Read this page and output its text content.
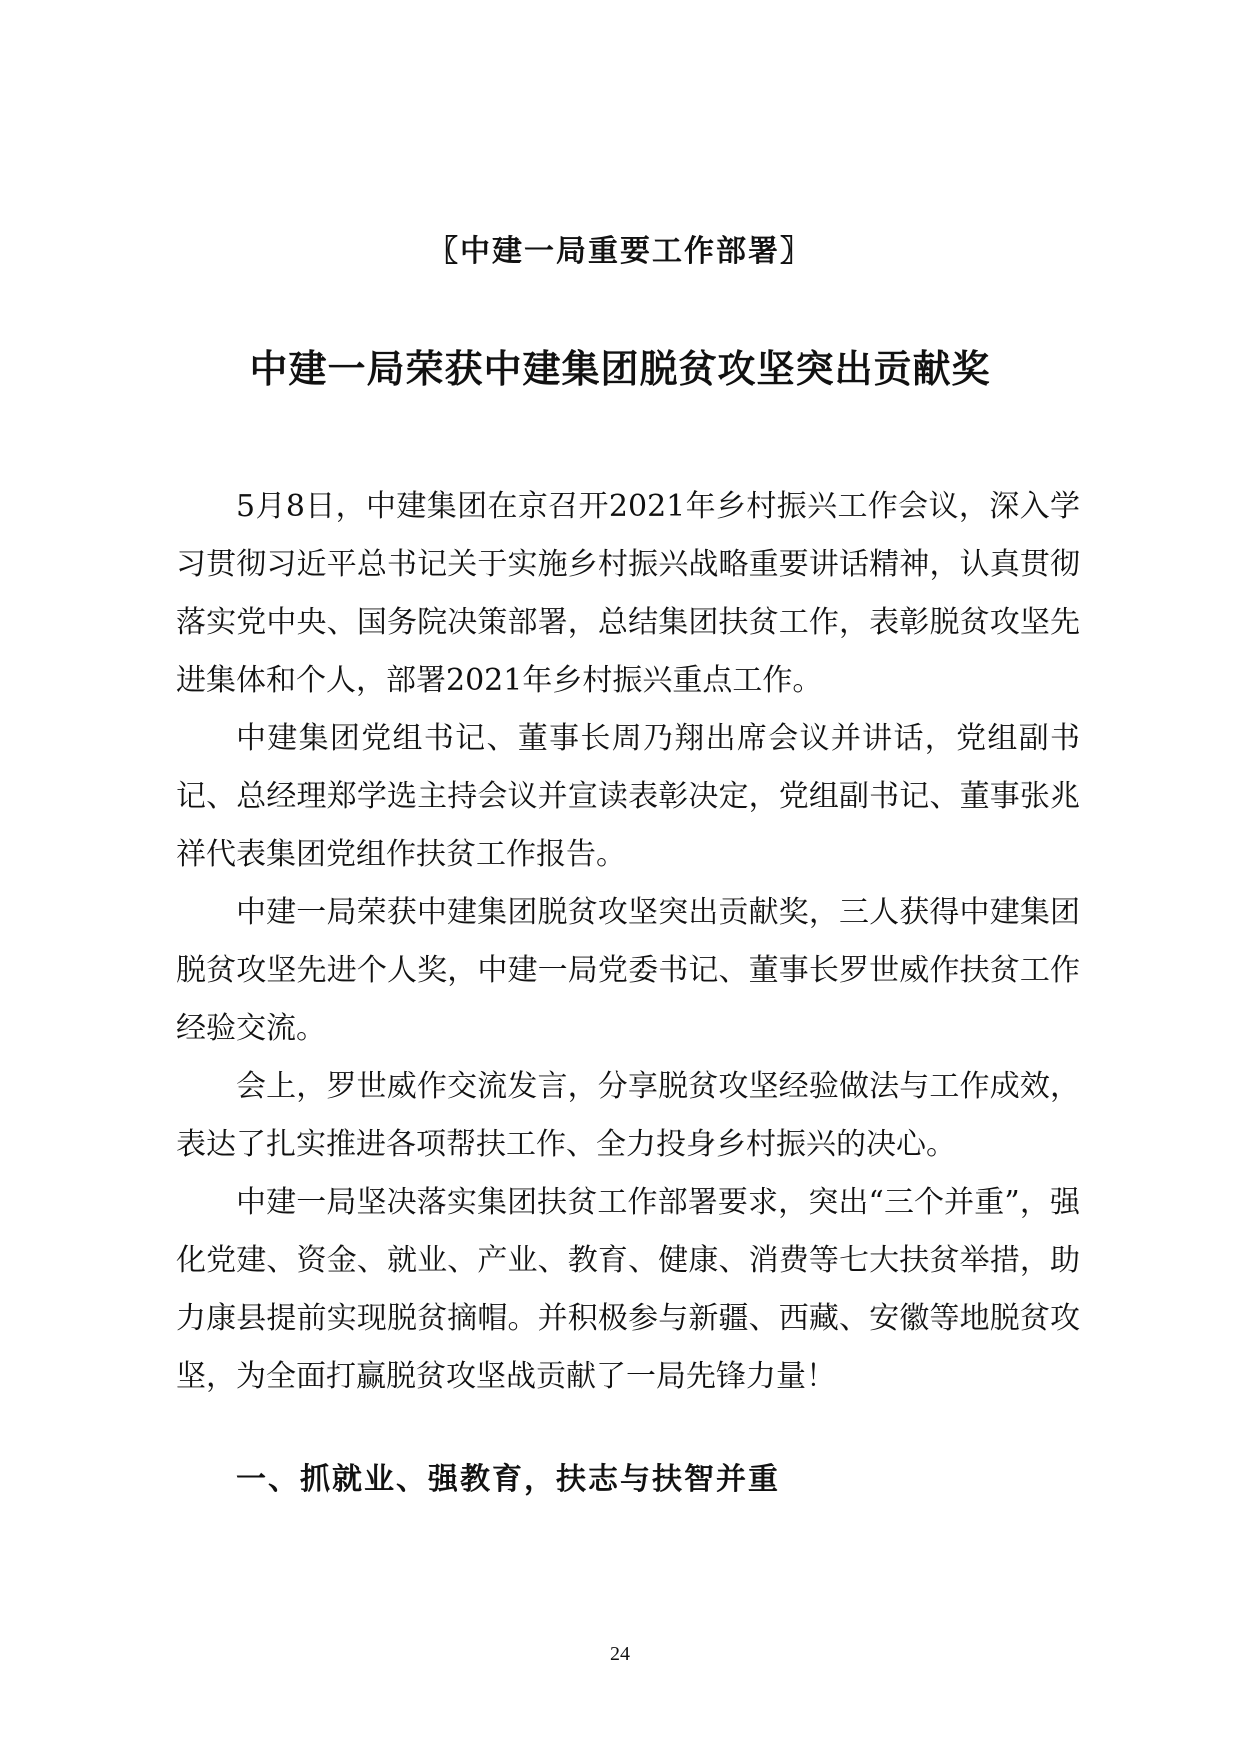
〖中建一局重要工作部署〗
中建一局荣获中建集团脱贫攻坚突出贡献奖

5月8日，中建集团在京召开2021年乡村振兴工作会议，深入学习贯彻习近平总书记关于实施乡村振兴战略重要讲话精神，认真贯彻落实党中央、国务院决策部署，总结集团扶贫工作，表彰脱贫攻坚先进集体和个人，部署2021年乡村振兴重点工作。

中建集团党组书记、董事长周乃翔出席会议并讲话，党组副书记、总经理郑学选主持会议并宣读表彰决定，党组副书记、董事张兆祥代表集团党组作扶贫工作报告。

中建一局荣获中建集团脱贫攻坚突出贡献奖，三人获得中建集团脱贫攻坚先进个人奖，中建一局党委书记、董事长罗世威作扶贫工作经验交流。

会上，罗世威作交流发言，分享脱贫攻坚经验做法与工作成效，表达了扎实推进各项帮扶工作、全力投身乡村振兴的决心。

中建一局坚决落实集团扶贫工作部署要求，突出“三个并重”，强化党建、资金、就业、产业、教育、健康、消费等七大扶贫举措，助力康县提前实现脱贫摘帽。并积极参与新疆、西藏、安徽等地脱贫攻坚，为全面打赢脱贫攻坚战贡献了一局先锋力量！

一、抓就业、强教育，扶志与扶智并重
24
